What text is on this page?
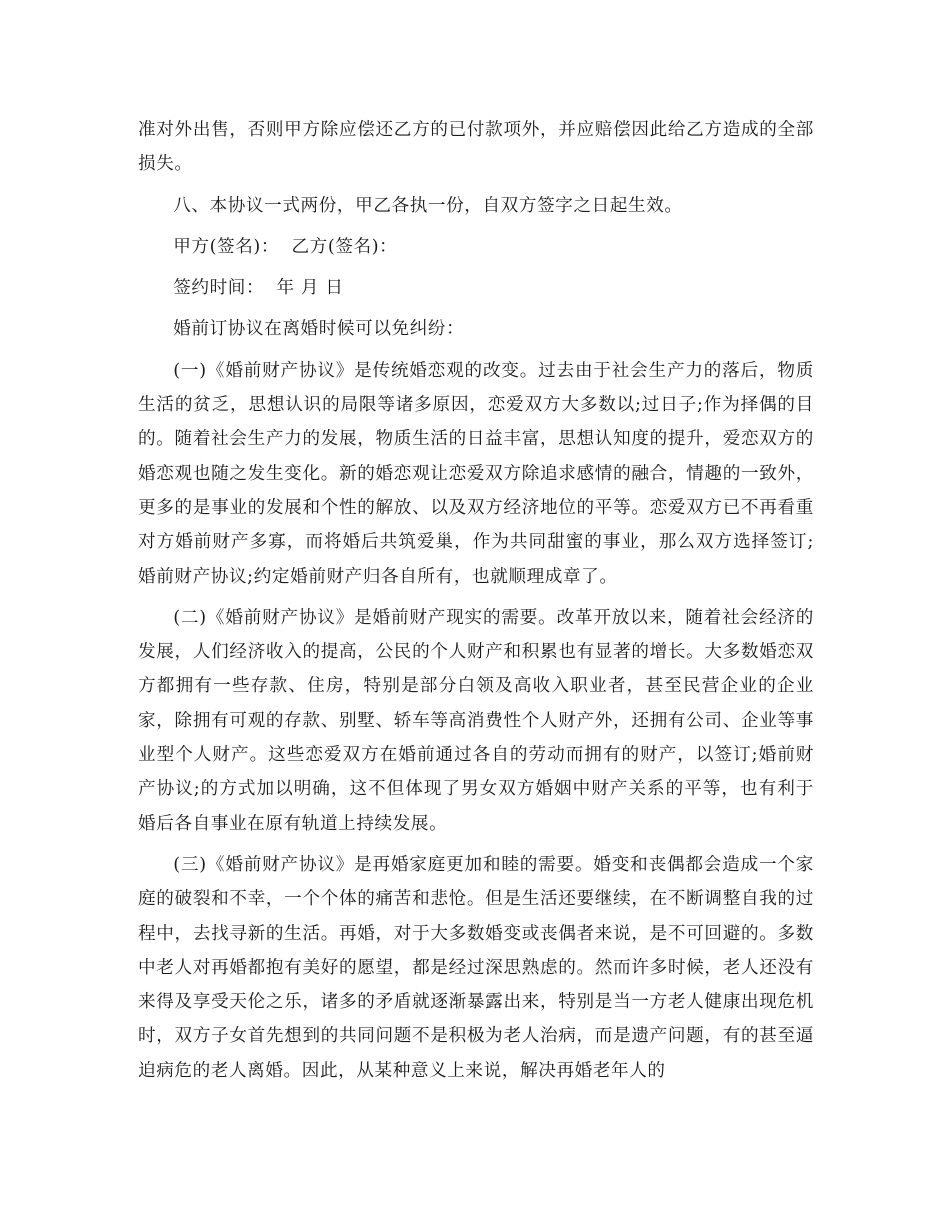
准对外出售，否则甲方除应偿还乙方的已付款项外，并应赔偿因此给乙方造成的全部损失。

八、本协议一式两份，甲乙各执一份，自双方签字之日起生效。

甲方(签名)：  乙方(签名)：

签约时间：  年 月 日

婚前订协议在离婚时候可以免纠纷：

(一)《婚前财产协议》是传统婚恋观的改变。过去由于社会生产力的落后，物质生活的贫乏，思想认识的局限等诸多原因，恋爱双方大多数以;过日子;作为择偶的目的。随着社会生产力的发展，物质生活的日益丰富，思想认知度的提升，爱恋双方的婚恋观也随之发生变化。新的婚恋观让恋爱双方除追求感情的融合，情趣的一致外，更多的是事业的发展和个性的解放、以及双方经济地位的平等。恋爱双方已不再看重对方婚前财产多寡，而将婚后共筑爱巢，作为共同甜蜜的事业，那么双方选择签订;婚前财产协议;约定婚前财产归各自所有，也就顺理成章了。

(二)《婚前财产协议》是婚前财产现实的需要。改革开放以来，随着社会经济的发展，人们经济收入的提高，公民的个人财产和积累也有显著的增长。大多数婚恋双方都拥有一些存款、住房，特别是部分白领及高收入职业者，甚至民营企业的企业家，除拥有可观的存款、别墅、轿车等高消费性个人财产外，还拥有公司、企业等事业型个人财产。这些恋爱双方在婚前通过各自的劳动而拥有的财产，以签订;婚前财产协议;的方式加以明确，这不但体现了男女双方婚姻中财产关系的平等，也有利于婚后各自事业在原有轨道上持续发展。

(三)《婚前财产协议》是再婚家庭更加和睦的需要。婚变和丧偶都会造成一个家庭的破裂和不幸，一个个体的痛苦和悲怆。但是生活还要继续，在不断调整自我的过程中，去找寻新的生活。再婚，对于大多数婚变或丧偶者来说，是不可回避的。多数中老人对再婚都抱有美好的愿望，都是经过深思熟虑的。然而许多时候，老人还没有来得及享受天伦之乐，诸多的矛盾就逐渐暴露出来，特别是当一方老人健康出现危机时，双方子女首先想到的共同问题不是积极为老人治病，而是遗产问题，有的甚至逼迫病危的老人离婚。因此，从某种意义上来说，解决再婚老年人的
